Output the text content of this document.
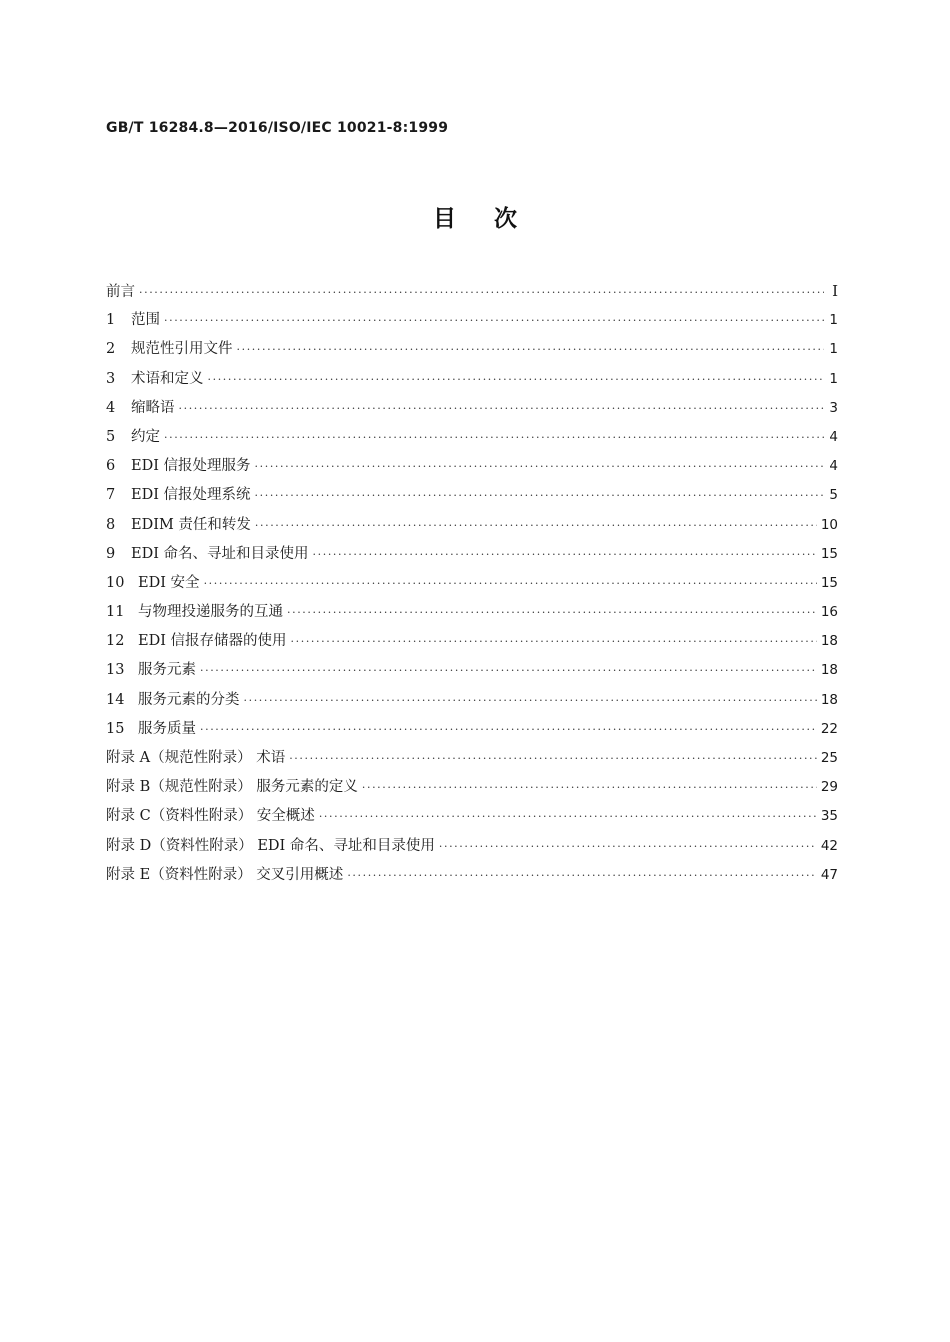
GB/T 16284.8—2016/ISO/IEC 10021-8:1999
目次
前言 ·····	Ⅰ
1	范围 ·····	1
2	规范性引用文件 ·····	1
3	术语和定义 ·····	1
4	缩略语 ·····	3
5	约定 ·····	4
6	EDI 信报处理服务 ·····	4
7	EDI 信报处理系统 ·····	5
8	EDIM 责任和转发 ·····	10
9	EDI 命名、寻址和目录使用 ·····	15
10 EDI 安全 ·····	15
11 与物理投递服务的互通 ·····	16
12 EDI 信报存储器的使用 ·····	18
13 服务元素 ·····	18
14 服务元素的分类 ·····	18
15 服务质量 ·····	22
附录 A（规范性附录） 术语 ·····	25
附录 B（规范性附录） 服务元素的定义 ·····	29
附录 C（资料性附录） 安全概述 ·····	35
附录 D（资料性附录） EDI 命名、寻址和目录使用 ·····	42
附录 E（资料性附录） 交叉引用概述 ·····	47
